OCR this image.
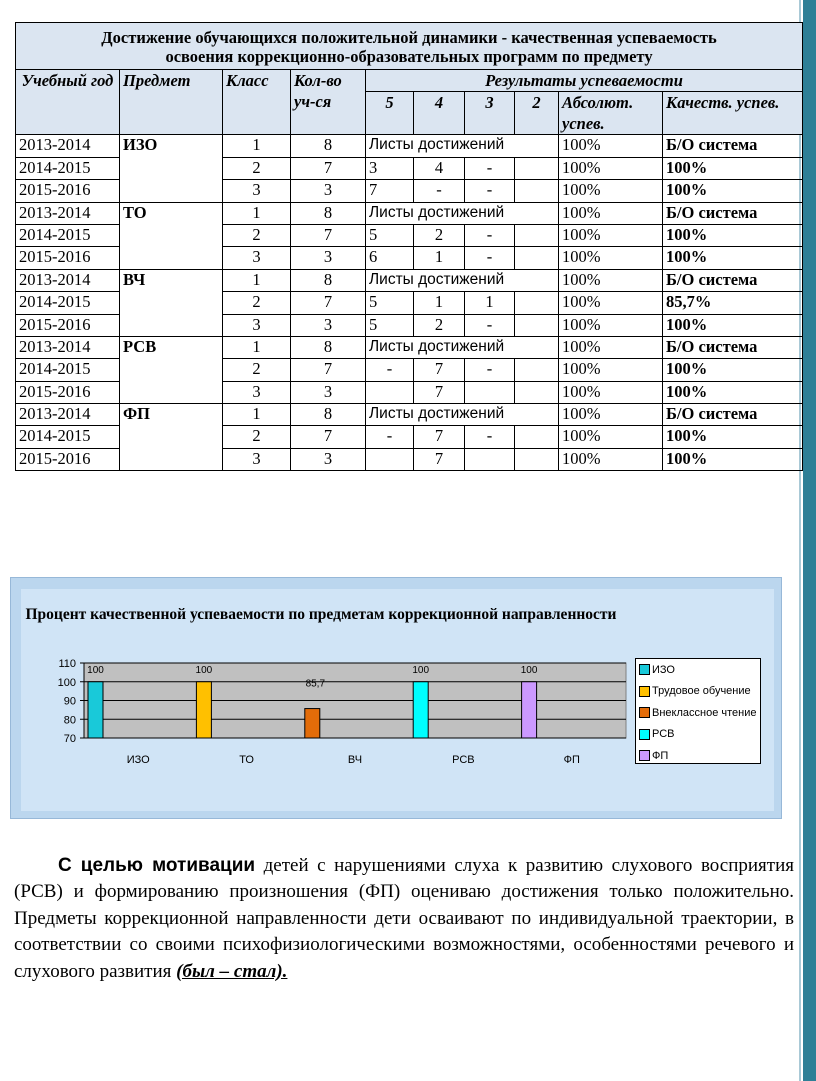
Достижение обучающихся положительной динамики - качественная успеваемость
освоения коррекционно-образовательных программ по предмету									
Учебный год	Предмет	Класс	Кол-во уч-ся	Результаты успеваемости					
				5	4	3	2	Абсолют. успев.	Качеств. успев.
2013-2014	ИЗО	1	8	Листы достижений				100%	Б/О система
2014-2015		2	7	3	4	-		100%	100%
2015-2016		3	3	7	-	-		100%	100%
2013-2014	ТО	1	8	Листы достижений				100%	Б/О система
2014-2015		2	7	5	2	-		100%	100%
2015-2016		3	3	6	1	-		100%	100%
2013-2014	ВЧ	1	8	Листы достижений				100%	Б/О система
2014-2015		2	7	5	1	1		100%	85,7%
2015-2016		3	3	5	2	-		100%	100%
2013-2014	РСВ	1	8	Листы достижений				100%	Б/О система
2014-2015		2	7	-	7	-		100%	100%
2015-2016		3	3		7			100%	100%
2013-2014	ФП	1	8	Листы достижений				100%	Б/О система
2014-2015		2	7	-	7	-		100%	100%
2015-2016		3	3		7			100%	100%
Процент качественной успеваемости по предметам коррекционной направленности
70
80
90
100
110
100
ИЗО
100
ТО
85,7
ВЧ
100
РСВ
100
ФП
ИЗО
Трудовое обучение
Внеклассное чтение
РСВ
ФП
С целью мотивации детей с нарушениями слуха к развитию слухового восприятия (РСВ) и формированию произношения (ФП) оцениваю достижения только положительно. Предметы коррекционной направленности дети осваивают по индивидуальной траектории, в соответствии со своими психофизиологическими возможностями, особенностями речевого и слухового развития (был – стал).
